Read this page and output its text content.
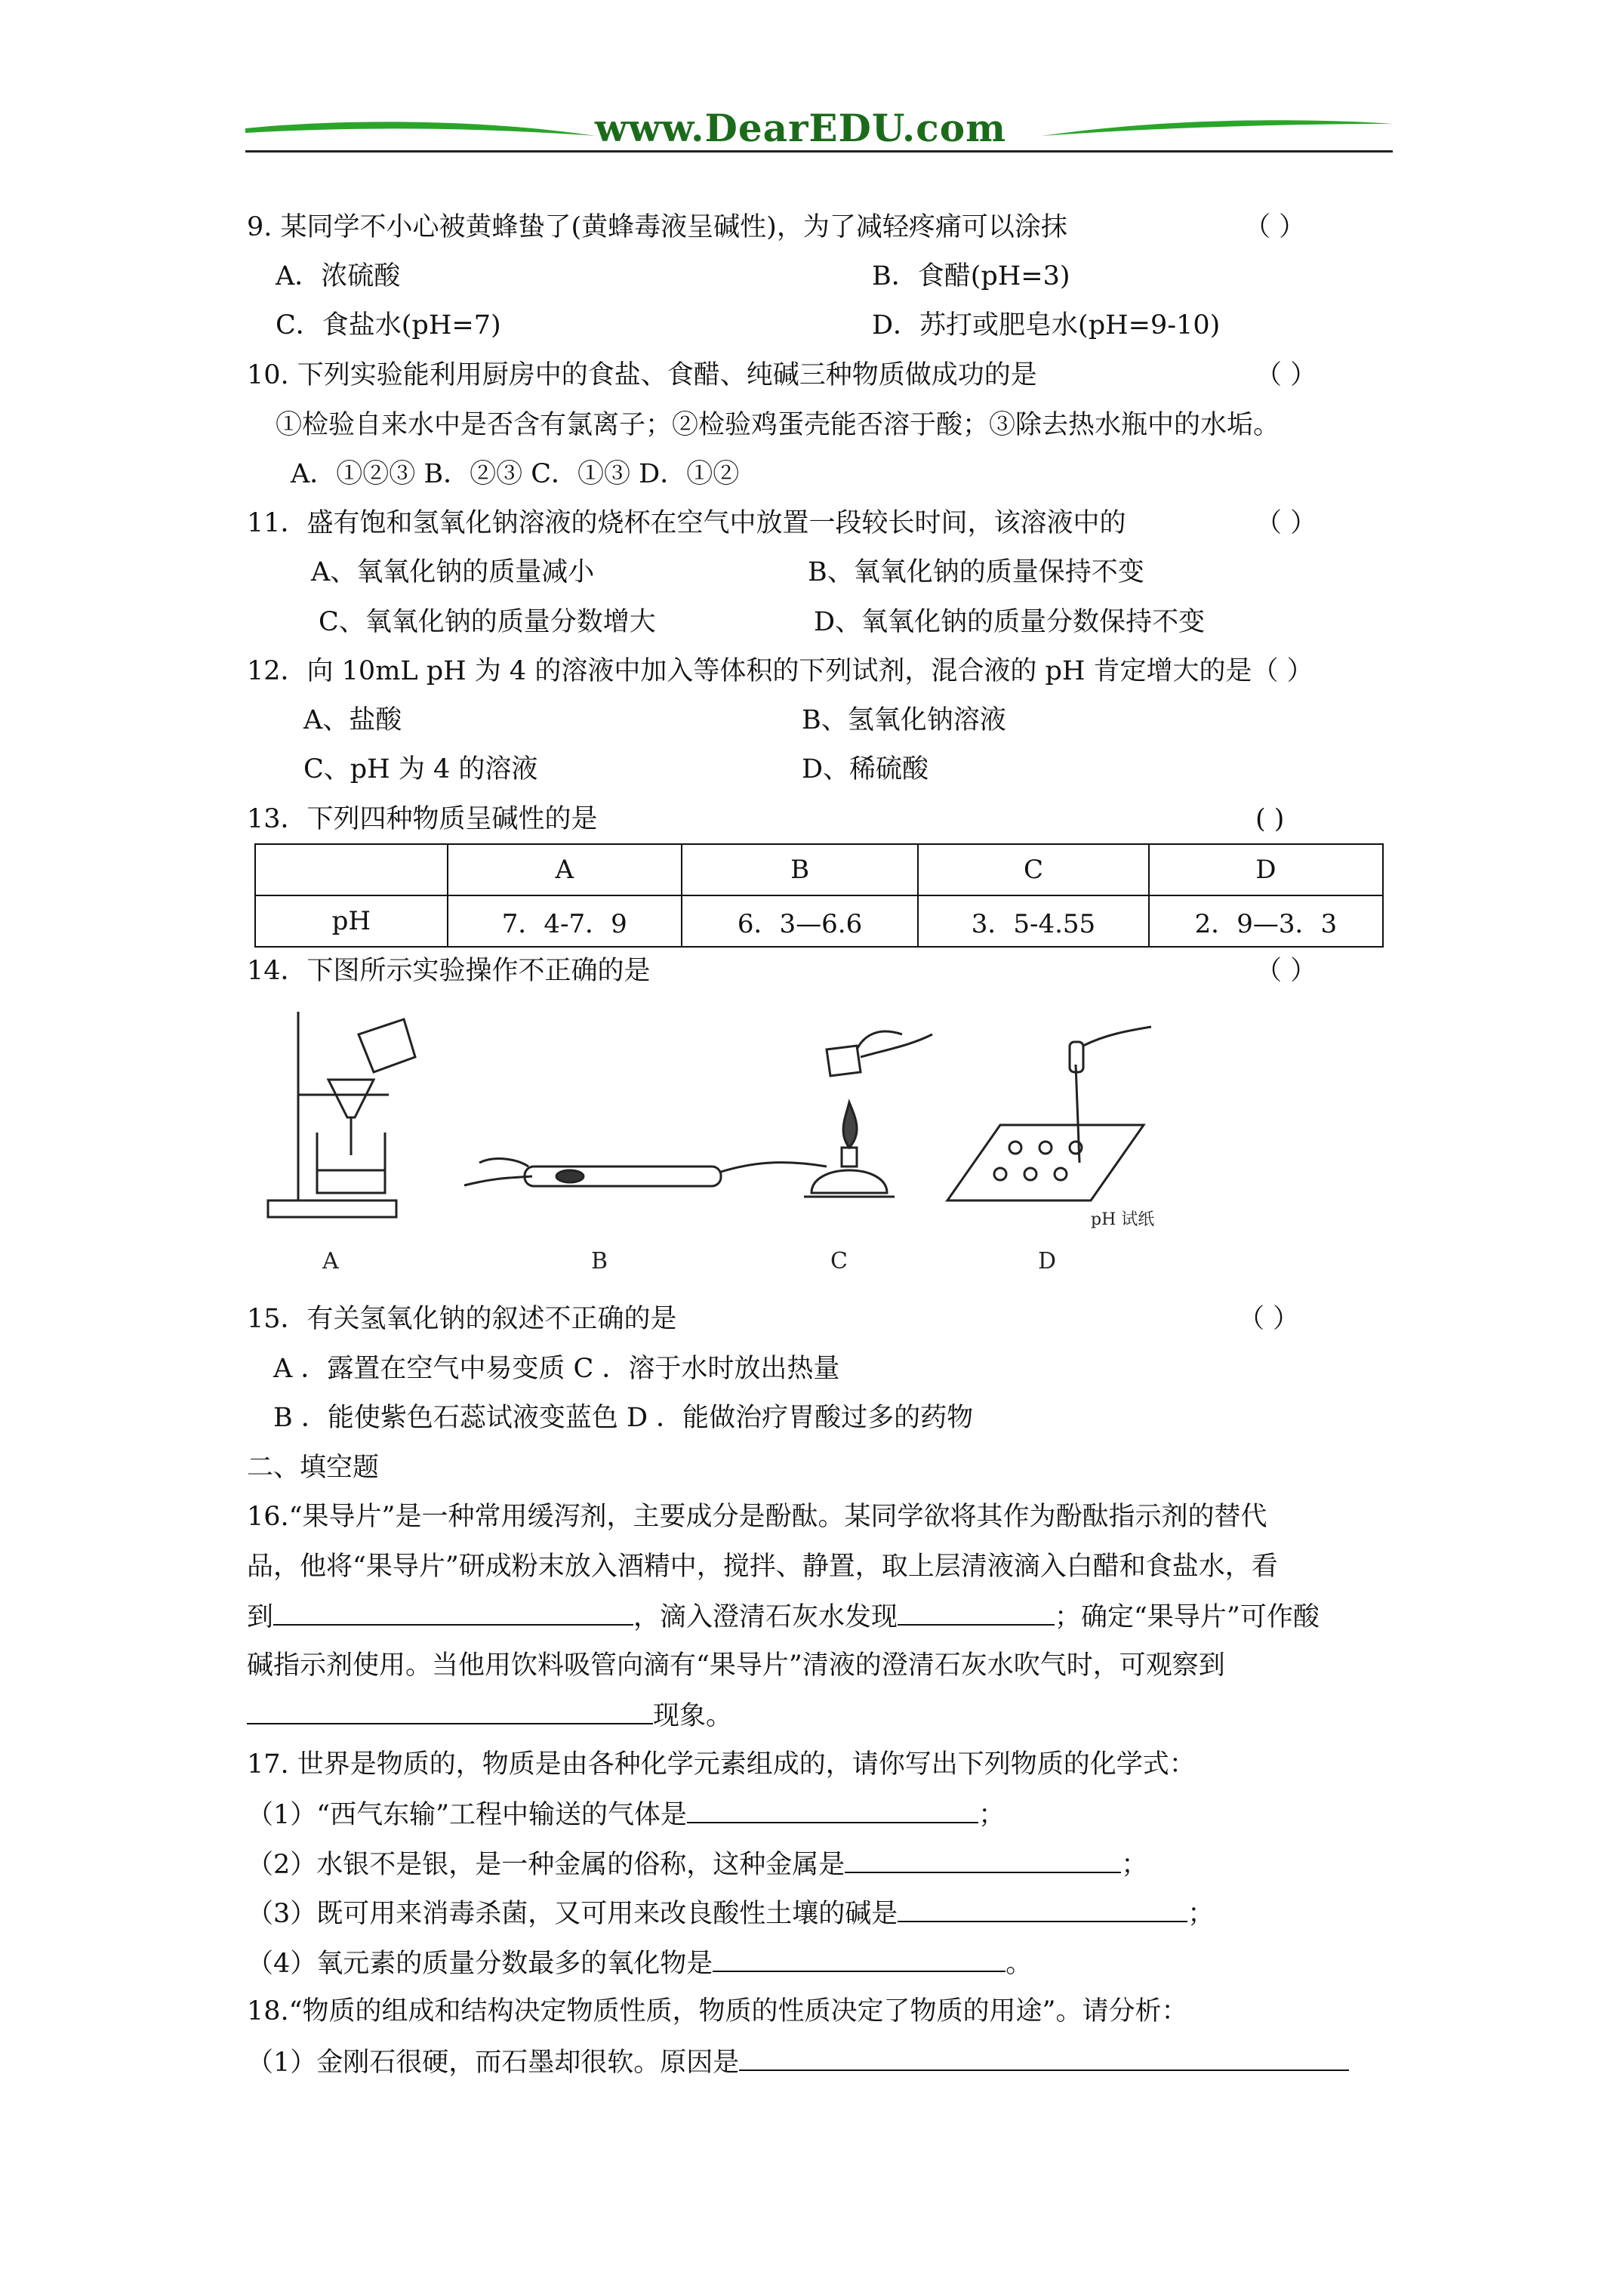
www.DearEDU.com
9. 某同学不小心被黄蜂蛰了(黄蜂毒液呈碱性)，为了减轻疼痛可以涂抹	（ ）
A．浓硫酸	B．食醋(pH=3)
C．食盐水(pH=7)	D．苏打或肥皂水(pH=9-10)
10. 下列实验能利用厨房中的食盐、食醋、纯碱三种物质做成功的是	（ ）
①检验自来水中是否含有氯离子；②检验鸡蛋壳能否溶于酸；③除去热水瓶中的水垢。
A．①②③ B．②③ C．①③ D．①②
11．盛有饱和氢氧化钠溶液的烧杯在空气中放置一段较长时间，该溶液中的	（ ）
A、氧氧化钠的质量减小	B、氧氧化钠的质量保持不变
C、氧氧化钠的质量分数增大	D、氧氧化钠的质量分数保持不变
12．向 10mL pH 为 4 的溶液中加入等体积的下列试剂，混合液的 pH 肯定增大的是（ ）
A、盐酸	B、氢氧化钠溶液
C、pH 为 4 的溶液	D、稀硫酸
13．下列四种物质呈碱性的是	( )
	A	B	C	D
pH	7．4-7．9	6．3—6.6	3．5-4.55	2．9—3．3
14．下图所示实验操作不正确的是	（ ）
A	B	C	D
pH 试纸
15．有关氢氧化钠的叙述不正确的是	（ ）
A ．露置在空气中易变质 C ．溶于水时放出热量
B ．能使紫色石蕊试液变蓝色 D ．能做治疗胃酸过多的药物
二、填空题
16.“果导片”是一种常用缓泻剂，主要成分是酚酞。某同学欲将其作为酚酞指示剂的替代
品，他将“果导片”研成粉末放入酒精中，搅拌、静置，取上层清液滴入白醋和食盐水，看
到	，滴入澄清石灰水发现	；确定“果导片”可作酸
碱指示剂使用。当他用饮料吸管向滴有“果导片”清液的澄清石灰水吹气时，可观察到
现象。
17. 世界是物质的，物质是由各种化学元素组成的，请你写出下列物质的化学式：
（1）“西气东输”工程中输送的气体是	；
（2）水银不是银，是一种金属的俗称，这种金属是	；
（3）既可用来消毒杀菌，又可用来改良酸性土壤的碱是	；
（4）氧元素的质量分数最多的氧化物是	。
18.“物质的组成和结构决定物质性质，物质的性质决定了物质的用途”。请分析：
（1）金刚石很硬，而石墨却很软。原因是
